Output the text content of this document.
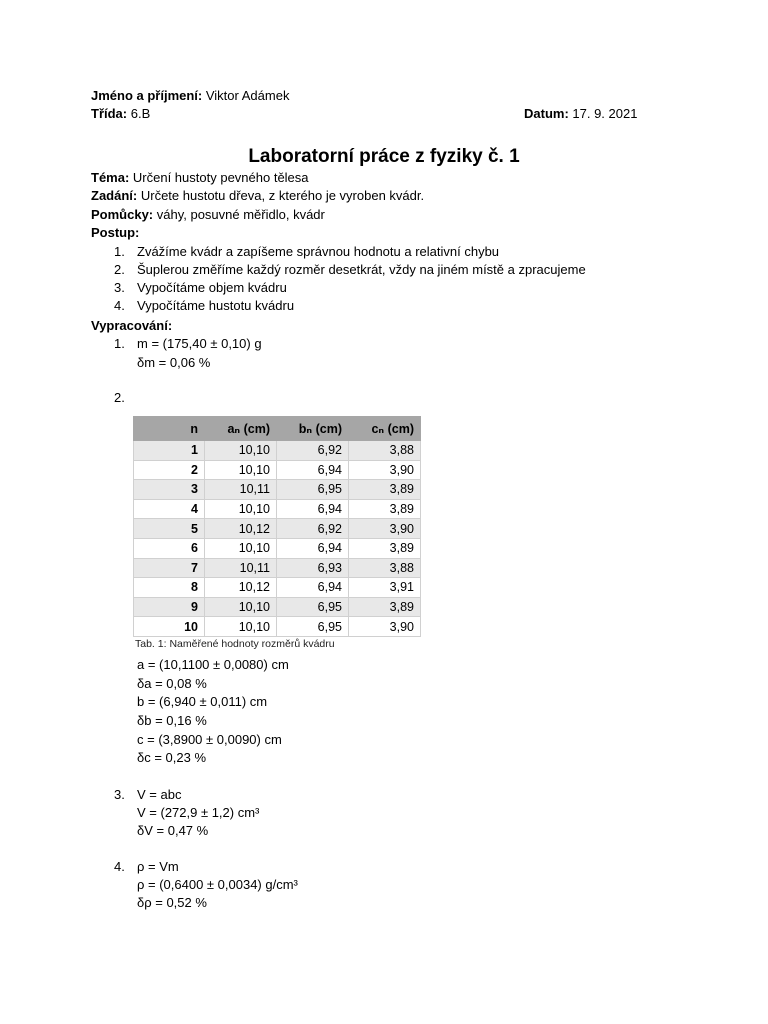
Jméno a příjmení: Viktor Adámek
Třída: 6.B	Datum: 17. 9. 2021
Laboratorní práce z fyziky č. 1
Téma: Určení hustoty pevného tělesa
Zadání: Určete hustotu dřeva, z kterého je vyroben kvádr.
Pomůcky: váhy, posuvné měřidlo, kvádr
Postup:
1. Zvážíme kvádr a zapíšeme správnou hodnotu a relativní chybu
2. Šuplerou změříme každý rozměr desetkrát, vždy na jiném místě a zpracujeme
3. Vypočítáme objem kvádru
4. Vypočítáme hustotu kvádru
Vypracování:
1. m = (175,40 ± 0,10) g
δm = 0,06 %
2.
n	aₙ (cm)	bₙ (cm)	cₙ (cm)
1	10,10	6,92	3,88
2	10,10	6,94	3,90
3	10,11	6,95	3,89
4	10,10	6,94	3,89
5	10,12	6,92	3,90
6	10,10	6,94	3,89
7	10,11	6,93	3,88
8	10,12	6,94	3,91
9	10,10	6,95	3,89
10	10,10	6,95	3,90
Tab. 1: Naměřené hodnoty rozměrů kvádru
a = (10,1100 ± 0,0080) cm
δa = 0,08 %
b = (6,940 ± 0,011) cm
δb = 0,16 %
c = (3,8900 ± 0,0090) cm
δc = 0,23 %
3. V = abc
V = (272,9 ± 1,2) cm³
δV = 0,47 %
4. ρ = Vm
ρ = (0,6400 ± 0,0034) g/cm³
δρ = 0,52 %
